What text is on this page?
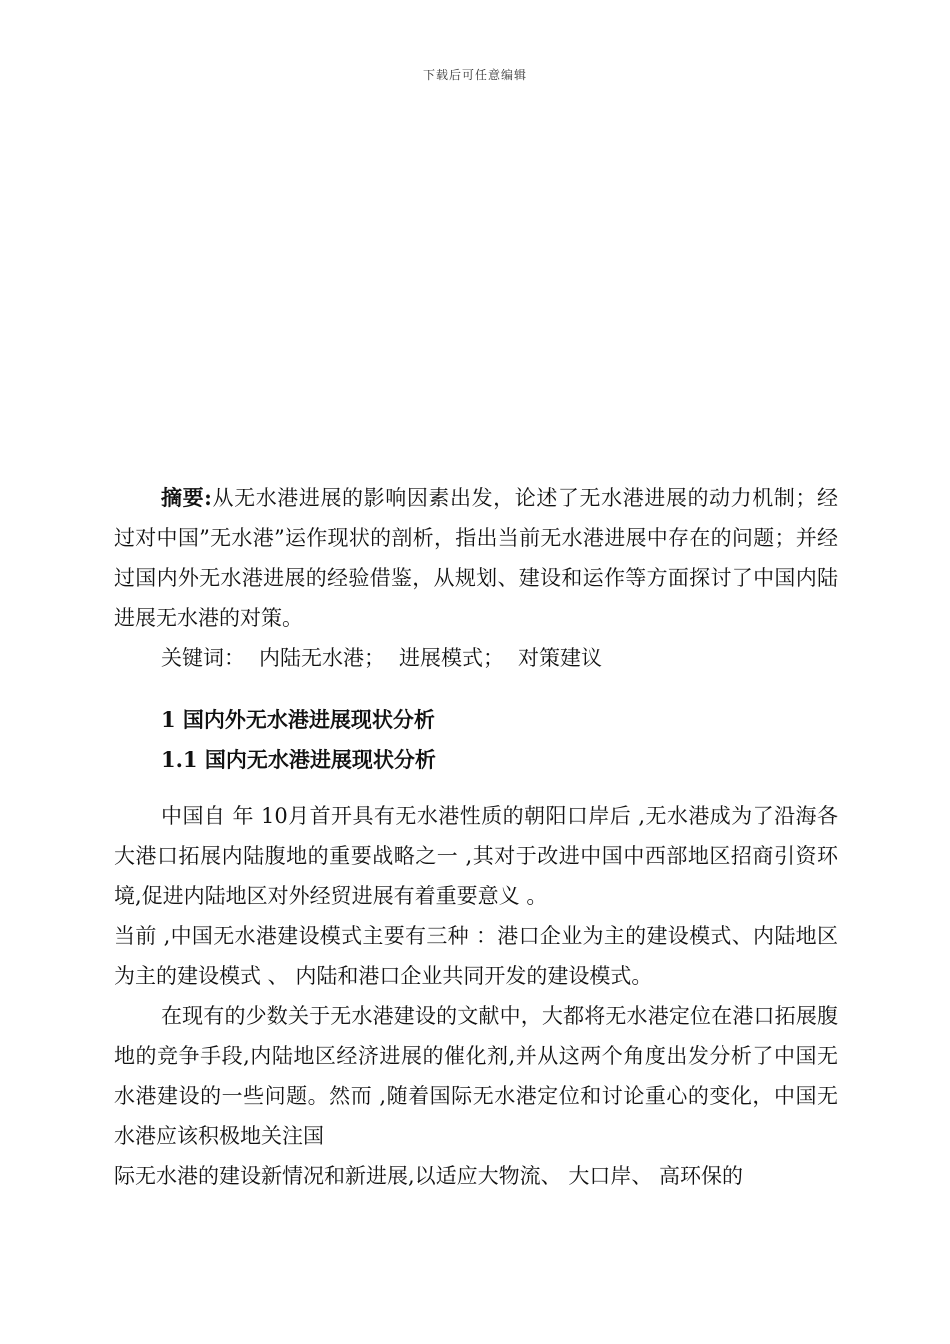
下载后可任意编辑

摘要:从无水港进展的影响因素出发，论述了无水港进展的动力机制；经过对中国”无水港”运作现状的剖析，指出当前无水港进展中存在的问题；并经过国内外无水港进展的经验借鉴，从规划、建设和运作等方面探讨了中国内陆进展无水港的对策。

关键词： 内陆无水港； 进展模式； 对策建议

1 国内外无水港进展现状分析

1.1 国内无水港进展现状分析

中国自 年 10月首开具有无水港性质的朝阳口岸后 ,无水港成为了沿海各大港口拓展内陆腹地的重要战略之一 ,其对于改进中国中西部地区招商引资环境,促进内陆地区对外经贸进展有着重要意义 。

当前 ,中国无水港建设模式主要有三种 ：港口企业为主的建设模式、内陆地区为主的建设模式 、 内陆和港口企业共同开发的建设模式。

在现有的少数关于无水港建设的文献中，大都将无水港定位在港口拓展腹地的竞争手段,内陆地区经济进展的催化剂,并从这两个角度出发分析了中国无水港建设的一些问题。然而 ,随着国际无水港定位和讨论重心的变化，中国无水港应该积极地关注国

际无水港的建设新情况和新进展,以适应大物流、 大口岸、 高环保的
